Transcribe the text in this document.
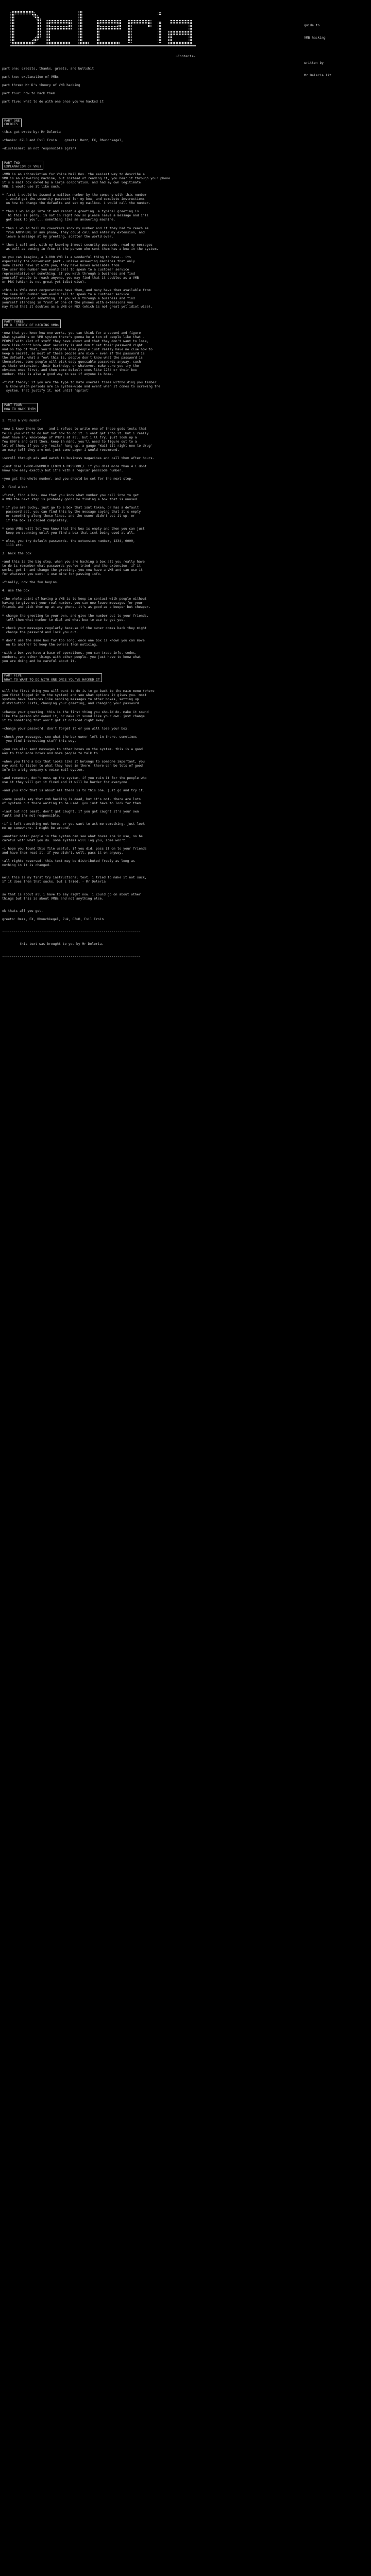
guide to

VMB hacking

written by

Mr Deleria lit

~Contents~
part one: credits, thanks, greets, and bullshit
part two: explanation of VMBs
part three: Mr D's theory of VMB hacking
part four: how to hack them
part five: what to do with one once you've hacked it
PART ONE
CREDITS
~this gut wrote by: Mr Deleria
~thanks: CZuB and Evil Eroin    greets: Rezz, EX, Rhunchkegel,
~disclaimer: im not responsible (grin)
PART TWO
EXPLANATION OF VMBs
~VMB is an abbreviation for Voice Mail Box. the easiest way to describe a
VMB is an answering machine, but instead of reading it, you hear it through your phone
it's a mail box owned by a large corporation, and had my own legitimate
VMB, i would use it like such.
* first i would be issued a mailbox number by the company with this number
i would get the security password for my box, and complete instructions
on how to change the defaults and set my mailbox. i would call the number.
* then i would go into it and record a greeting. a typical greeting is..
'hi this is jerry. im not in right now so please leave a message and i'll
get back to you'... something like an answering machine.
* then i would tell my coworkers know my number and if they had to reach me
from ANYWHERE in any phone, they could call and enter my extension, and
leave a message at my greeting, scatter the world over.
* then i call and, with my knowing inmost security passcode, read my messages
as well as coming in from it the person who sent them has a box in the system.
so you can imagine, a 3-000 VMB is a wonderful thing to have.. its
especially the convenient part - unlike answering machines that only
some clerks have it with you, they have boxes available from
the user 800 number you would call to speak to a customer service
representative or something. if you walk through a business and find
yourself unable to reach anyone, you may find that it doubles as a VMB
or PBX (which is not great yet idiot wise).
~this is VMBs most corporations have them, and many have them available from
the same 800 number you would call to speak to a customer service
representative or something. if you walk through a business and find
yourself standing in front of one of the phones with extensions you
may find that it doubles as a VMB or PBX (which is not great yet idiot wise).
PART THREE
MR D. THEORY OF HACKING VMBs
~now that you know how one works, you can think for a second and figure
what sysadmins on VMB system there's gonna be a ton of people like that -
PEOPLE with alot of stuff they have about and that they don't want to lose,
more like don't know what security is and don't set their password right.
and on top of that, you'd imagine some people just really have no clue how to
keep a secret, so most of these people are nice - even if the password is
the default. what a fool this is, people don't know what the password is
themselves. some people will pick easy guessable passwords anyway, such
as their extension, their birthday, or whatever. make sure you try the
obvious ones first, and then some default ones like 1234 or their box
number. this is also a good way to see if anyone is home.
~first theory: if you are the type to hate overall times withholding you timber
& know which periods are in system-wide and event when it comes to screwing the
system. that justify it. not until 'sprint'
PART FOUR
HOW TO HACK THEM
1. find a VMB number
~now i know there two   and i refuse to write one of these gods texts that
tells you what to do but not how to do it. i want get into it. but i really
dont have any knowledge of VMB's at all. but i'll try. just look up a
few 800's and call them. keep in mind, you'll need to figure out to a
lot of them. if you try 'exits' hang up, a gauge 'Wait til right now to drug'
an easy tell they are not just some pager i would recommend.
~scroll through ads and watch to business magazines and call them after hours.
~just dial 1-800-8NUMBER (FORM A PASSCODE). if you dial more than 4 i dont
know how easy exactly but it's with a regular passcode number.
~you get the whole number, and you should be set for the next step.
2. find a box
~first, find a box. now that you know what number you call into to get
a VMB the next step is probably gonna be finding a box that is unused.
* if you are lucky, just go to a box that isnt taken, or has a default
password set. you can find this by the message saying that it's empty
or something along those lines. and the owner didn't set it up. or
if the box is closed completely.
* some VMBs will let you know that the box is empty and then you can just
keep on scanning until you find a box that isnt being used at all.
* else, you try default passwords. the extension number, 1234, 0000,
1111 etc.
3. hack the box
~and this is the big step. when you are hacking a box all you really have
to do is remember what passwords you've tried, and the extension. if it
works, get in and change the greeting. you now have a VMB and can use it
for whatever you want. i use mine for passing info.
~finally, now the fun begins.
4. use the box
~the whole point of having a VMB is to keep in contact with people without
having to give out your real number. you can now leave messages for your
friends and pick them up at any phone. it's as good as a beeper but cheaper.
* change the greeting to your own, and give the number out to your friends.
tell them what number to dial and what box to use to get you.
* check your messages regularly because if the owner comes back they might
change the password and lock you out.
* don't use the same box for too long. once one box is known you can move
on to another to keep the owners from noticing.
~with a box you have a base of operations. you can trade info, codes,
numbers, and other things with other people. you just have to know what
you are doing and be careful about it.
PART FIVE
WHAT TO WANT TO DO WITH ONE ONCE YOU'VE HACKED IT
will the first thing you will want to do is to go back to the main menu (where
you first logged in to the system) and see what options it gives you. most
systems have features like sending messages to other boxes, setting up
distribution lists, changing your greeting, and changing your password.
~change your greeting. this is the first thing you should do. make it sound
like the person who owned it, or make it sound like your own. just change
it to something that won't get it noticed right away.
~change your password. don't forget it or you will lose your box.
~check your messages. see what the box owner left in there. sometimes
you find interesting stuff this way.
~you can also send messages to other boxes on the system. this is a good
way to find more boxes and more people to talk to.
~when you find a box that looks like it belongs to someone important, you
may want to listen to what they have in there. there can be lots of good
info in a big company's voice mail system.
~and remember, don't mess up the system. if you ruin it for the people who
use it they will get it fixed and it will be harder for everyone.
~and you know that is about all there is to this one. just go and try it.
~some people say that vmb hacking is dead, but it's not. there are lots
of systems out there waiting to be used. you just have to look for them.
~last but not least, don't get caught. if you get caught it's your own
fault and i'm not responsible.
~if i left something out here, or you want to ask me something, just look
me up somewhere. i might be around.
~another note: people in the system can see what boxes are in use, so be
careful with what you do. some systems will log you, some won't.
~i hope you found this file useful. if you did, pass it on to your friends
and have them read it. if you didn't, well, pass it on anyway.
~all rights reserved. this text may be distributed freely as long as
nothing in it is changed.
well this is my first try instructional text. i tried to make it not suck,
if it does then that sucks, but i tried. - Mr Deleria
so that is about all i have to say right now. i could go on about other
things but this is about VMBs and not anything else.
ok thats all you get.
greets: Rezz, EX, Rhunchkegel, Zuk, CZuB, Evil Eroin
-----------------------------------------------------------------------
this text was brought to you by Mr Deleria.
-----------------------------------------------------------------------
